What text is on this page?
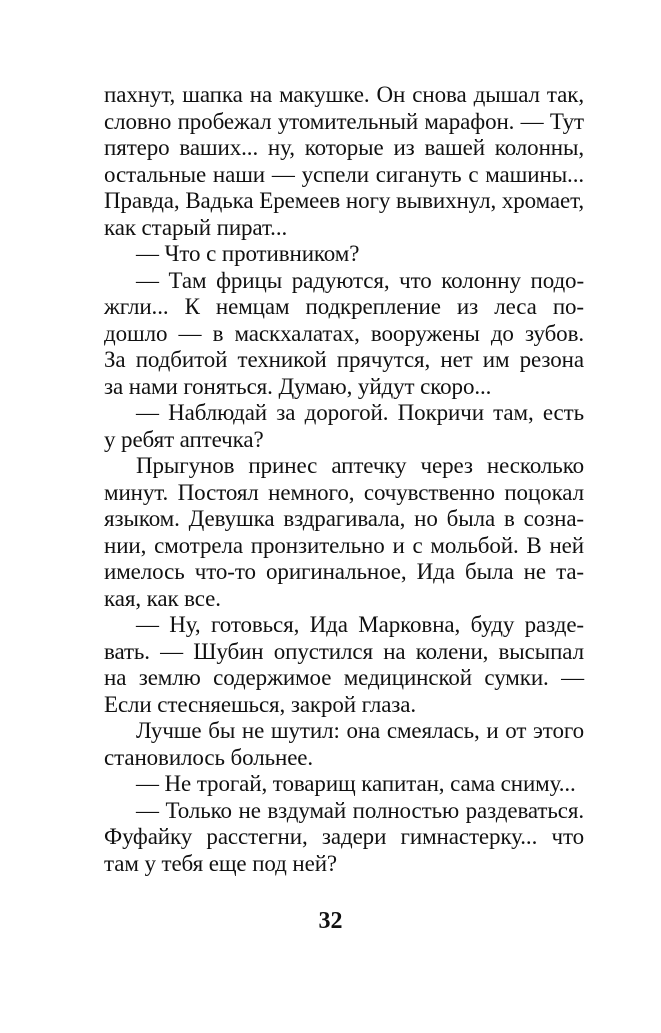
пахнут, шапка на макушке. Он снова дышал так,
словно пробежал утомительный марафон. — Тут
пятеро ваших... ну, которые из вашей колонны,
остальные наши — успели сигануть с машины...
Правда, Вадька Еремеев ногу вывихнул, хромает,
как старый пират...
— Что с противником?
— Там фрицы радуются, что колонну подо-
жгли... К немцам подкрепление из леса по-
дошло — в маскхалатах, вооружены до зубов.
За подбитой техникой прячутся, нет им резона
за нами гоняться. Думаю, уйдут скоро...
— Наблюдай за дорогой. Покричи там, есть
у ребят аптечка?
Прыгунов принес аптечку через несколько
минут. Постоял немного, сочувственно поцокал
языком. Девушка вздрагивала, но была в созна-
нии, смотрела пронзительно и с мольбой. В ней
имелось что-то оригинальное, Ида была не та-
кая, как все.
— Ну, готовься, Ида Марковна, буду разде-
вать. — Шубин опустился на колени, высыпал
на землю содержимое медицинской сумки. —
Если стесняешься, закрой глаза.
Лучше бы не шутил: она смеялась, и от этого
становилось больнее.
— Не трогай, товарищ капитан, сама сниму...
— Только не вздумай полностью раздеваться.
Фуфайку расстегни, задери гимнастерку... что
там у тебя еще под ней?
32
